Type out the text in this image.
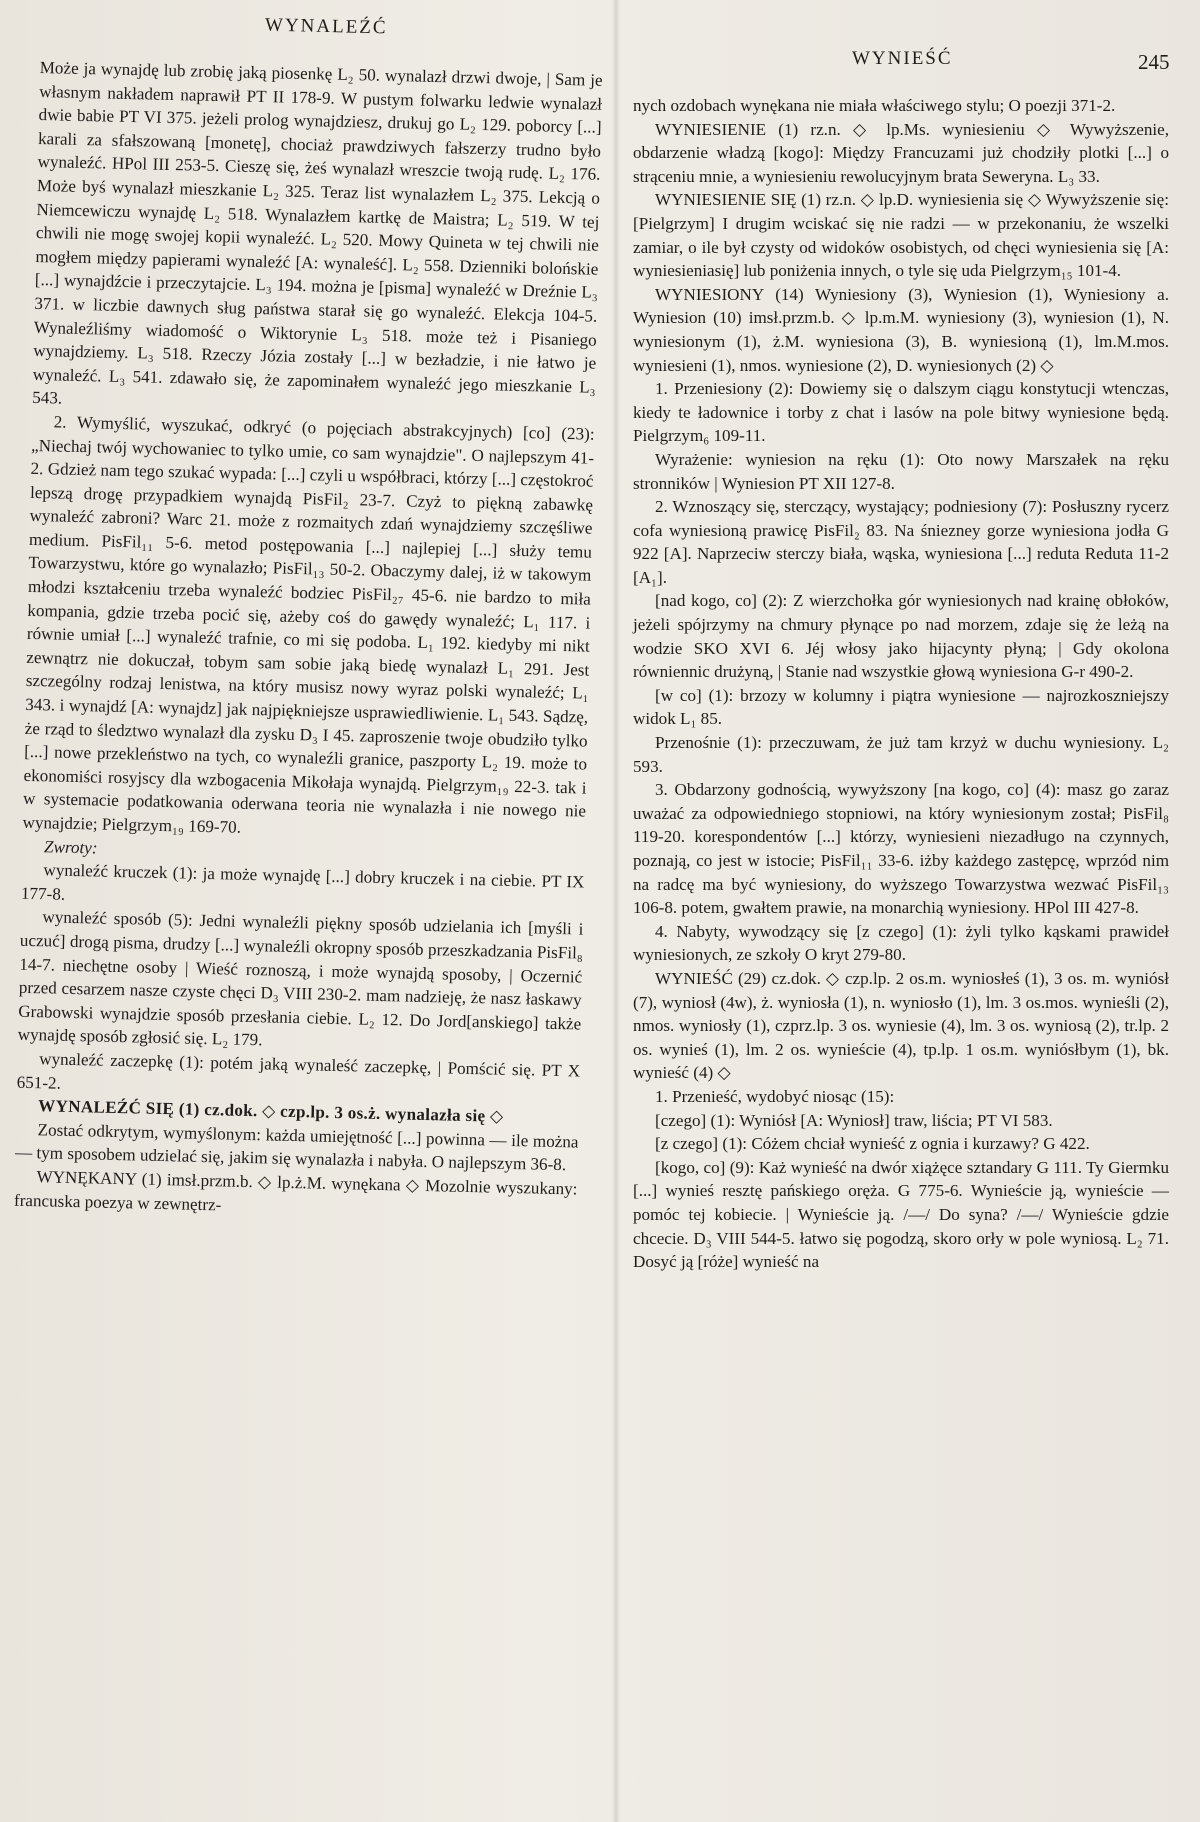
WYNALEŹĆ
WYNIEŚĆ	245

Może ja wynajdę lub zrobię jaką piosenkę L₂ 50. wynalazł drzwi dwoje, | Sam je własnym nakładem naprawił PT II 178-9. W pustym folwarku ledwie wynalazł dwie babie PT VI 375. jeżeli prolog wynajdziesz, drukuj go L₂ 129. poborcy [...] karali za sfałszowaną [monetę], chociaż prawdziwych fałszerzy trudno było wynaleźć. HPol III 253-5. Cieszę się, żeś wynalazł wreszcie twoją rudę. L₂ 176. Może byś wynalazł mieszkanie L₂ 325. Teraz list wynalazłem L₂ 375. Lekcją o Niemcewiczu wynajdę L₂ 518. Wynalazłem kartkę de Maistra; L₂ 519. W tej chwili nie mogę swojej kopii wynaleźć. L₂ 520. Mowy Quineta w tej chwili nie mogłem między papierami wynaleźć [A: wynaleść]. L₂ 558. Dzienniki bolońskie [...] wynajdźcie i przeczytajcie. L₃ 194. można je [pisma] wynaleźć w Dreźnie L₃ 371. w liczbie dawnych sług państwa starał się go wynaleźć. Elekcja 104-5. Wynaleźliśmy wiadomość o Wiktorynie L₃ 518. może też i Pisaniego wynajdziemy. L₃ 518. Rzeczy Józia zostały [...] w bezładzie, i nie łatwo je wynaleźć. L₃ 541. zdawało się, że zapominałem wynaleźć jego mieszkanie L₃ 543.

2. Wymyślić, wyszukać, odkryć (o pojęciach abstrakcyjnych) [co] (23): „Niechaj twój wychowaniec to tylko umie, co sam wynajdzie". O najlepszym 41-2. Gdzież nam tego szukać wypada: [...] czyli u współbraci, którzy [...] częstokroć lepszą drogę przypadkiem wynajdą PisFil₂ 23-7. Czyż to piękną zabawkę wynaleźć zabroni? Warc 21. może z rozmaitych zdań wynajdziemy szczęśliwe medium. PisFil₁₁ 5-6. metod postępowania [...] najlepiej [...] służy temu Towarzystwu, które go wynalazło; PisFil₁₃ 50-2. Obaczymy dalej, iż w takowym młodzi kształceniu trzeba wynaleźć bodziec PisFil₂₇ 45-6. nie bardzo to miła kompania, gdzie trzeba pocić się, ażeby coś do gawędy wynaleźć; L₁ 117. i równie umiał [...] wynaleźć trafnie, co mi się podoba. L₁ 192. kiedyby mi nikt zewnątrz nie dokuczał, tobym sam sobie jaką biedę wynalazł L₁ 291. Jest szczególny rodzaj lenistwa, na który musisz nowy wyraz polski wynaleźć; L₁ 343. i wynajdź [A: wynajdz] jak najpiękniejsze usprawiedliwienie. L₁ 543. Sądzę, że rząd to śledztwo wynalazł dla zysku D₃ I 45. zaproszenie twoje obudziło tylko [...] nowe przekleństwo na tych, co wynaleźli granice, paszporty L₂ 19. może to ekonomiści rosyjscy dla wzbogacenia Mikołaja wynajdą. Pielgrzym₁₉ 22-3. tak i w systemacie podatkowania oderwana teoria nie wynalazła i nie nowego nie wynajdzie; Pielgrzym₁₉ 169-70.

Zwroty:

wynaleźć kruczek (1): ja może wynajdę [...] dobry kruczek i na ciebie. PT IX 177-8.

wynaleźć sposób (5): Jedni wynaleźli piękny sposób udzielania ich [myśli i uczuć] drogą pisma, drudzy [...] wynaleźli okropny sposób przeszkadzania PisFil₈ 14-7. niechętne osoby | Wieść roznoszą, i może wynajdą sposoby, | Oczernić przed cesarzem nasze czyste chęci D₃ VIII 230-2. mam nadzieję, że nasz łaskawy Grabowski wynajdzie sposób przesłania ciebie. L₂ 12. Do Jord[anskiego] także wynajdę sposób zgłosić się. L₂ 179.

wynaleźć zaczepkę (1): potém jaką wynaleść zaczepkę, | Pomścić się. PT X 651-2.

WYNALEŹĆ SIĘ (1) cz.dok. ◇ czp.lp. 3 os.ż. wynalazła się ◇

Zostać odkrytym, wymyślonym: każda umiejętność [...] powinna — ile można — tym sposobem udzielać się, jakim się wynalazła i nabyła. O najlepszym 36-8.

WYNĘKANY (1) imsł.przm.b. ◇ lp.ż.M. wynękana ◇ Mozolnie wyszukany: francuska poezya w zewnętrz-

nych ozdobach wynękana nie miała właściwego stylu; O poezji 371-2.

WYNIESIENIE (1) rz.n. ◇ lp.Ms. wyniesieniu ◇ Wywyższenie, obdarzenie władzą [kogo]: Między Francuzami już chodziły plotki [...] o strąceniu mnie, a wyniesieniu rewolucyjnym brata Seweryna. L₃ 33.

WYNIESIENIE SIĘ (1) rz.n. ◇ lp.D. wyniesienia się ◇ Wywyższenie się: [Pielgrzym] I drugim wciskać się nie radzi — w przekonaniu, że wszelki zamiar, o ile był czysty od widoków osobistych, od chęci wyniesienia się [A: wyniesieniasię] lub poniżenia innych, o tyle się uda Pielgrzym₁₅ 101-4.

WYNIESIONY (14) Wyniesiony (3), Wyniesion (1), Wyniesiony a. Wyniesion (10) imsł.przm.b. ◇ lp.m.M. wyniesiony (3), wyniesion (1), N. wyniesionym (1), ż.M. wyniesiona (3), B. wyniesioną (1), lm.M.mos. wyniesieni (1), nmos. wyniesione (2), D. wyniesionych (2) ◇

1. Przeniesiony (2): Dowiemy się o dalszym ciągu konstytucji wtenczas, kiedy te ładownice i torby z chat i lasów na pole bitwy wyniesione będą. Pielgrzym₆ 109-11.

Wyrażenie: wyniesion na ręku (1): Oto nowy Marszałek na ręku stronników | Wyniesion PT XII 127-8.

2. Wznoszący się, sterczący, wystający; podniesiony (7): Posłuszny rycerz cofa wyniesioną prawicę PisFil₂ 83. Na śniezney gorze wyniesiona jodła G 922 [A]. Naprzeciw sterczy biała, wąska, wyniesiona [...] reduta Reduta 11-2 [A₁].

[nad kogo, co] (2): Z wierzchołka gór wyniesionych nad krainę obłoków, jeżeli spójrzymy na chmury płynące po nad morzem, zdaje się że leżą na wodzie SKO XVI 6. Jéj włosy jako hijacynty płyną; | Gdy okolona równiennic drużyną, | Stanie nad wszystkie głową wyniesiona G-r 490-2.

[w co] (1): brzozy w kolumny i piątra wyniesione — najrozkoszniejszy widok L₁ 85.

Przenośnie (1): przeczuwam, że już tam krzyż w duchu wyniesiony. L₂ 593.

3. Obdarzony godnością, wywyższony [na kogo, co] (4): masz go zaraz uważać za odpowiedniego stopniowi, na który wyniesionym został; PisFil₈ 119-20. korespondentów [...] którzy, wyniesieni niezadługo na czynnych, poznają, co jest w istocie; PisFil₁₁ 33-6. iżby każdego zastępcę, wprzód nim na radcę ma być wyniesiony, do wyższego Towarzystwa wezwać PisFil₁₃ 106-8. potem, gwałtem prawie, na monarchią wyniesiony. HPol III 427-8.

4. Nabyty, wywodzący się [z czego] (1): żyli tylko kąskami prawideł wyniesionych, ze szkoły O kryt 279-80.

WYNIEŚĆ (29) cz.dok. ◇ czp.lp. 2 os.m. wyniosłeś (1), 3 os. m. wyniósł (7), wyniosł (4w), ż. wyniosła (1), n. wyniosło (1), lm. 3 os.mos. wynieśli (2), nmos. wyniosły (1), czprz.lp. 3 os. wyniesie (4), lm. 3 os. wyniosą (2), tr.lp. 2 os. wynieś (1), lm. 2 os. wynieście (4), tp.lp. 1 os.m. wyniósłbym (1), bk. wynieść (4) ◇

1. Przenieść, wydobyć niosąc (15):

[czego] (1): Wyniósł [A: Wyniosł] traw, liścia; PT VI 583.

[z czego] (1): Cóżem chciał wynieść z ognia i kurzawy? G 422.

[kogo, co] (9): Każ wynieść na dwór xiążęce sztandary G 111. Ty Giermku [...] wynieś resztę pańskiego oręża. G 775-6. Wynieście ją, wynieście — pomóc tej kobiecie. | Wynieście ją. /—/ Do syna? /—/ Wynieście gdzie chcecie. D₃ VIII 544-5. łatwo się pogodzą, skoro orły w pole wyniosą. L₂ 71. Dosyć ją [róże] wynieść na
